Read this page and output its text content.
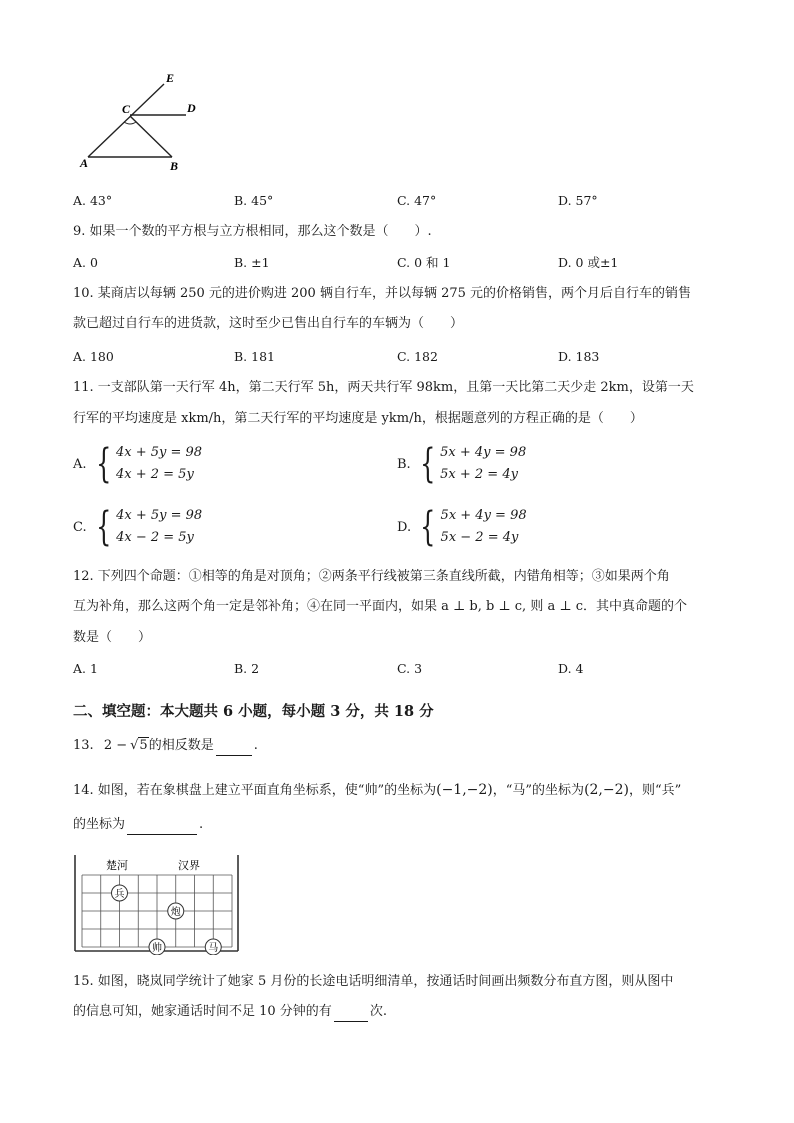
E
C	D
A	B
A. 43°	B. 45°	C. 47°	D. 57°
9. 如果一个数的平方根与立方根相同，那么这个数是（　　）.
A. 0	B. ±1	C. 0 和 1	D. 0 或±1
10. 某商店以每辆 250 元的进价购进 200 辆自行车，并以每辆 275 元的价格销售，两个月后自行车的销售
款已超过自行车的进货款，这时至少已售出自行车的车辆为（　　）
A. 180	B. 181	C. 182	D. 183
11. 一支部队第一天行军 4h，第二天行军 5h，两天共行军 98km，且第一天比第二天少走 2km，设第一天
行军的平均速度是 xkm/h，第二天行军的平均速度是 ykm/h，根据题意列的方程正确的是（　　）
A. { 4x + 5y = 98
4x + 2 = 5y
B. { 5x + 4y = 98
5x + 2 = 4y
C. { 4x + 5y = 98
4x − 2 = 5y
D. { 5x + 4y = 98
5x − 2 = 4y
12. 下列四个命题：①相等的角是对顶角；②两条平行线被第三条直线所截，内错角相等；③如果两个角
互为补角，那么这两个角一定是邻补角；④在同一平面内，如果 a ⊥ b, b ⊥ c, 则 a ⊥ c．其中真命题的个
数是（　　）
A. 1	B. 2	C. 3	D. 4
二、填空题：本大题共 6 小题，每小题 3 分，共 18 分
13. 2 − √5的相反数是	.
14. 如图，若在象棋盘上建立平面直角坐标系，使“帅”的坐标为(−1,−2)，“马”的坐标为(2,−2)，则“兵”
的坐标为	.
楚河	汉界
兵
炮
帅	马
15. 如图，晓岚同学统计了她家 5 月份的长途电话明细清单，按通话时间画出频数分布直方图，则从图中
的信息可知，她家通话时间不足 10 分钟的有	次.
